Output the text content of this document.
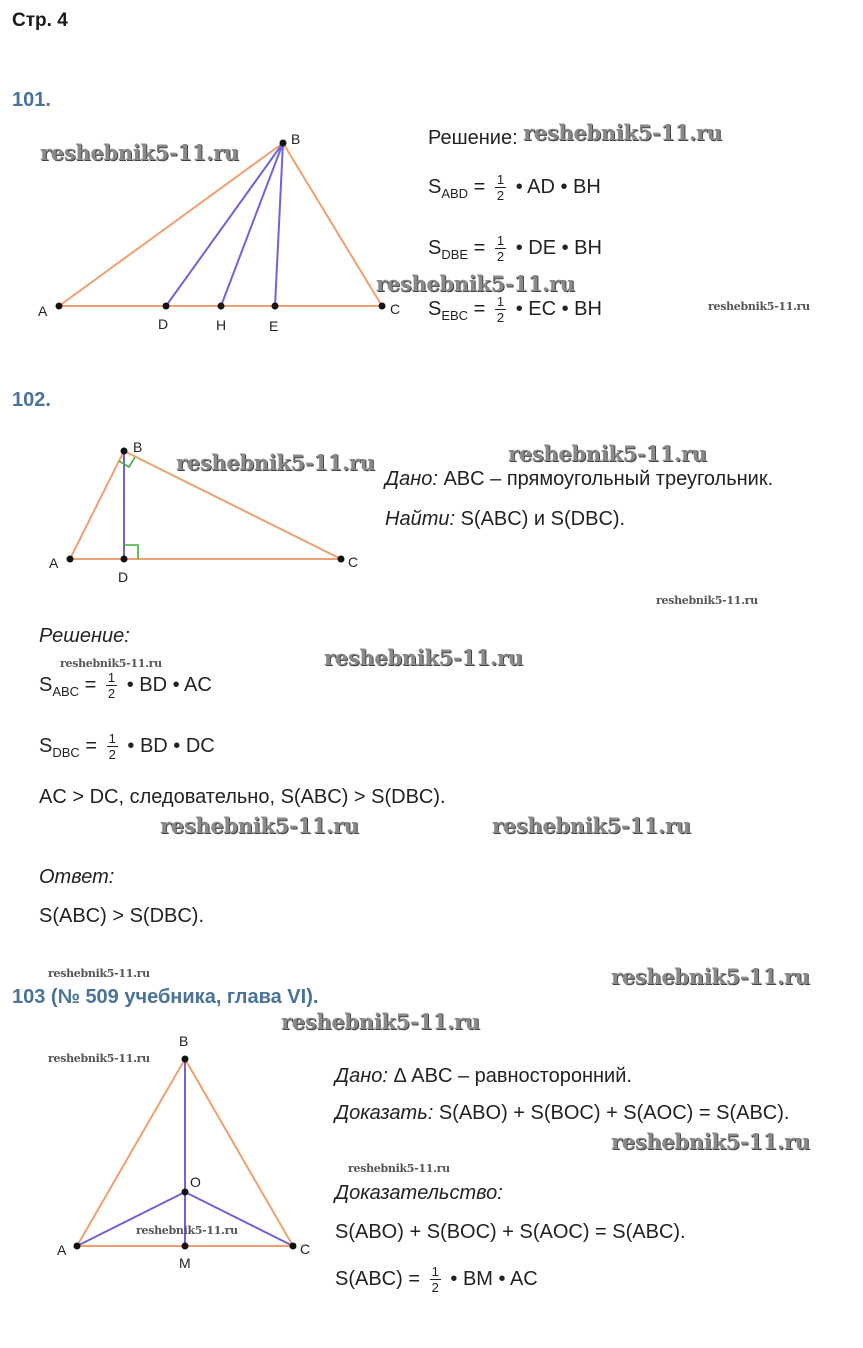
Стр. 4
A
B
C
D	H	E
A
B
C
D
A
B
C
O
M
101.
Решение:
$S_{ABD} = \frac{1}{2}$ • AD • BH
$S_{DBE} = \frac{1}{2}$ • DE • BH
$S_{EBC} = \frac{1}{2}$ • EC • BH
102.
Дано: ABC – прямоугольный треугольник.
Найти: S(ABC) и S(DBC).
Решение:
$S_{ABC} = \frac{1}{2}$ • BD • AC
$S_{DBC} = \frac{1}{2}$ • BD • DC
AC > DC, следовательно, S(ABC) > S(DBC).
Ответ:
S(ABC) > S(DBC).
103 (№ 509 учебника, глава VI).
Дано: Δ ABC – равносторонний.
Доказать: S(ABO) + S(BOC) + S(AOC) = S(ABC).
Доказательство:
S(ABO) + S(BOC) + S(AOC) = S(ABC).
$S(ABC) = \frac{1}{2}$ • BM • AC
reshebnik5-11.ru
reshebnik5-11.ru
reshebnik5-11.ru
reshebnik5-11.ru
reshebnik5-11.ru	reshebnik5-11.ru
reshebnik5-11.ru
reshebnik5-11.ru	reshebnik5-11.ru
reshebnik5-11.ru	reshebnik5-11.ru
reshebnik5-11.ru	reshebnik5-11.ru
reshebnik5-11.ru
reshebnik5-11.ru
reshebnik5-11.ru
reshebnik5-11.ru
reshebnik5-11.ru
